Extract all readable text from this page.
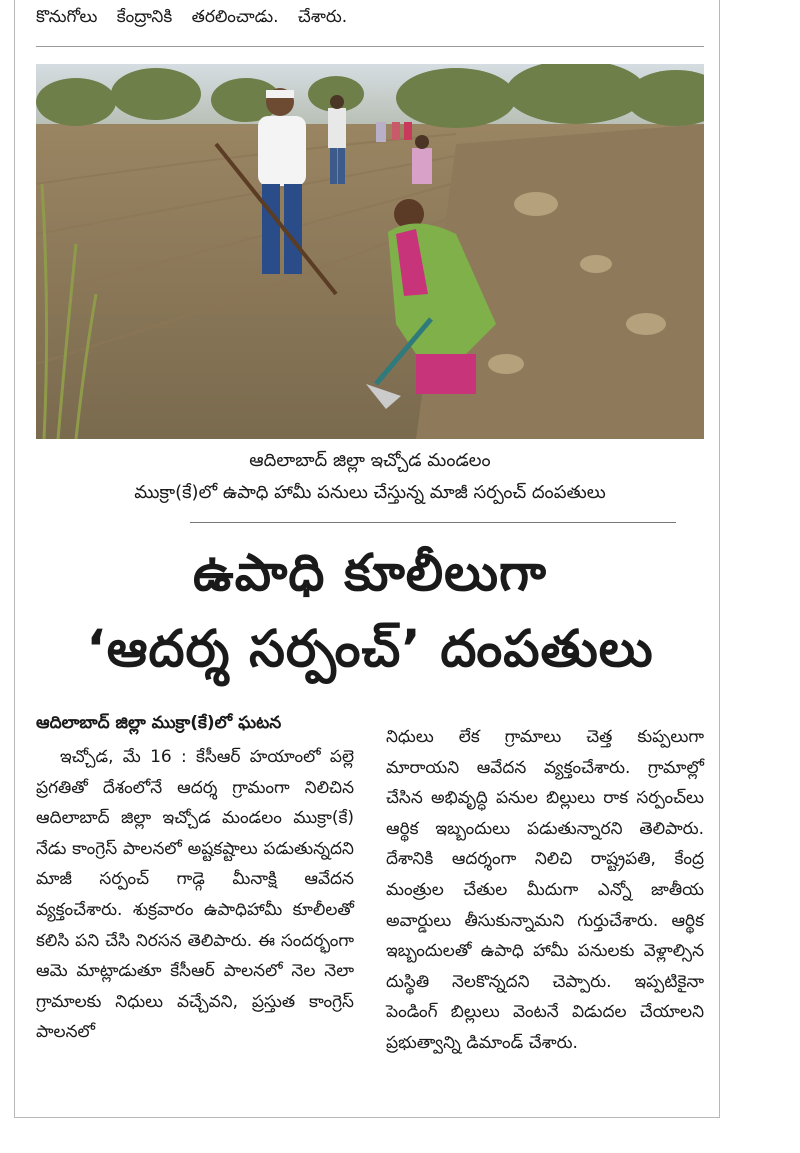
కొనుగోలు కేంద్రానికి తరలించాడు. చేశారు.
ఆదిలాబాద్ జిల్లా ఇచ్చోడ మండలం
ముక్రా(కే)లో ఉపాధి హామీ పనులు చేస్తున్న మాజీ సర్పంచ్ దంపతులు
ఉపాధి కూలీలుగా
‘ఆదర్శ సర్పంచ్’ దంపతులు
ఆదిలాబాద్ జిల్లా ముక్రా(కే)లో ఘటన

ఇచ్చోడ, మే 16 : కేసీఆర్ హయాంలో పల్లె ప్రగతితో దేశంలోనే ఆదర్శ గ్రామంగా నిలిచిన ఆదిలాబాద్ జిల్లా ఇచ్చోడ మండలం ముక్రా(కే) నేడు కాంగ్రెస్ పాలనలో అష్టకష్టాలు పడుతున్నదని మాజీ సర్పంచ్ గాడ్గె మీనాక్షి ఆవేదన వ్యక్తంచేశారు. శుక్రవారం ఉపాధిహామీ కూలీలతో కలిసి పని చేసి నిరసన తెలిపారు. ఈ సందర్భంగా ఆమె మాట్లాడుతూ కేసీఆర్ పాలనలో నెల నెలా గ్రామాలకు నిధులు వచ్చేవని, ప్రస్తుత కాంగ్రెస్ పాలనలో

నిధులు లేక గ్రామాలు చెత్త కుప్పలుగా మారాయని ఆవేదన వ్యక్తంచేశారు. గ్రామాల్లో చేసిన అభివృద్ధి పనుల బిల్లులు రాక సర్పంచ్‌లు ఆర్థిక ఇబ్బందులు పడుతున్నారని తెలిపారు. దేశానికి ఆదర్శంగా నిలిచి రాష్ట్రపతి, కేంద్ర మంత్రుల చేతుల మీదుగా ఎన్నో జాతీయ అవార్డులు తీసుకున్నామని గుర్తుచేశారు. ఆర్థిక ఇబ్బందులతో ఉపాధి హామీ పనులకు వెళ్లాల్సిన దుస్థితి నెలకొన్నదని చెప్పారు. ఇప్పటికైనా పెండింగ్ బిల్లులు వెంటనే విడుదల చేయాలని ప్రభుత్వాన్ని డిమాండ్ చేశారు.
